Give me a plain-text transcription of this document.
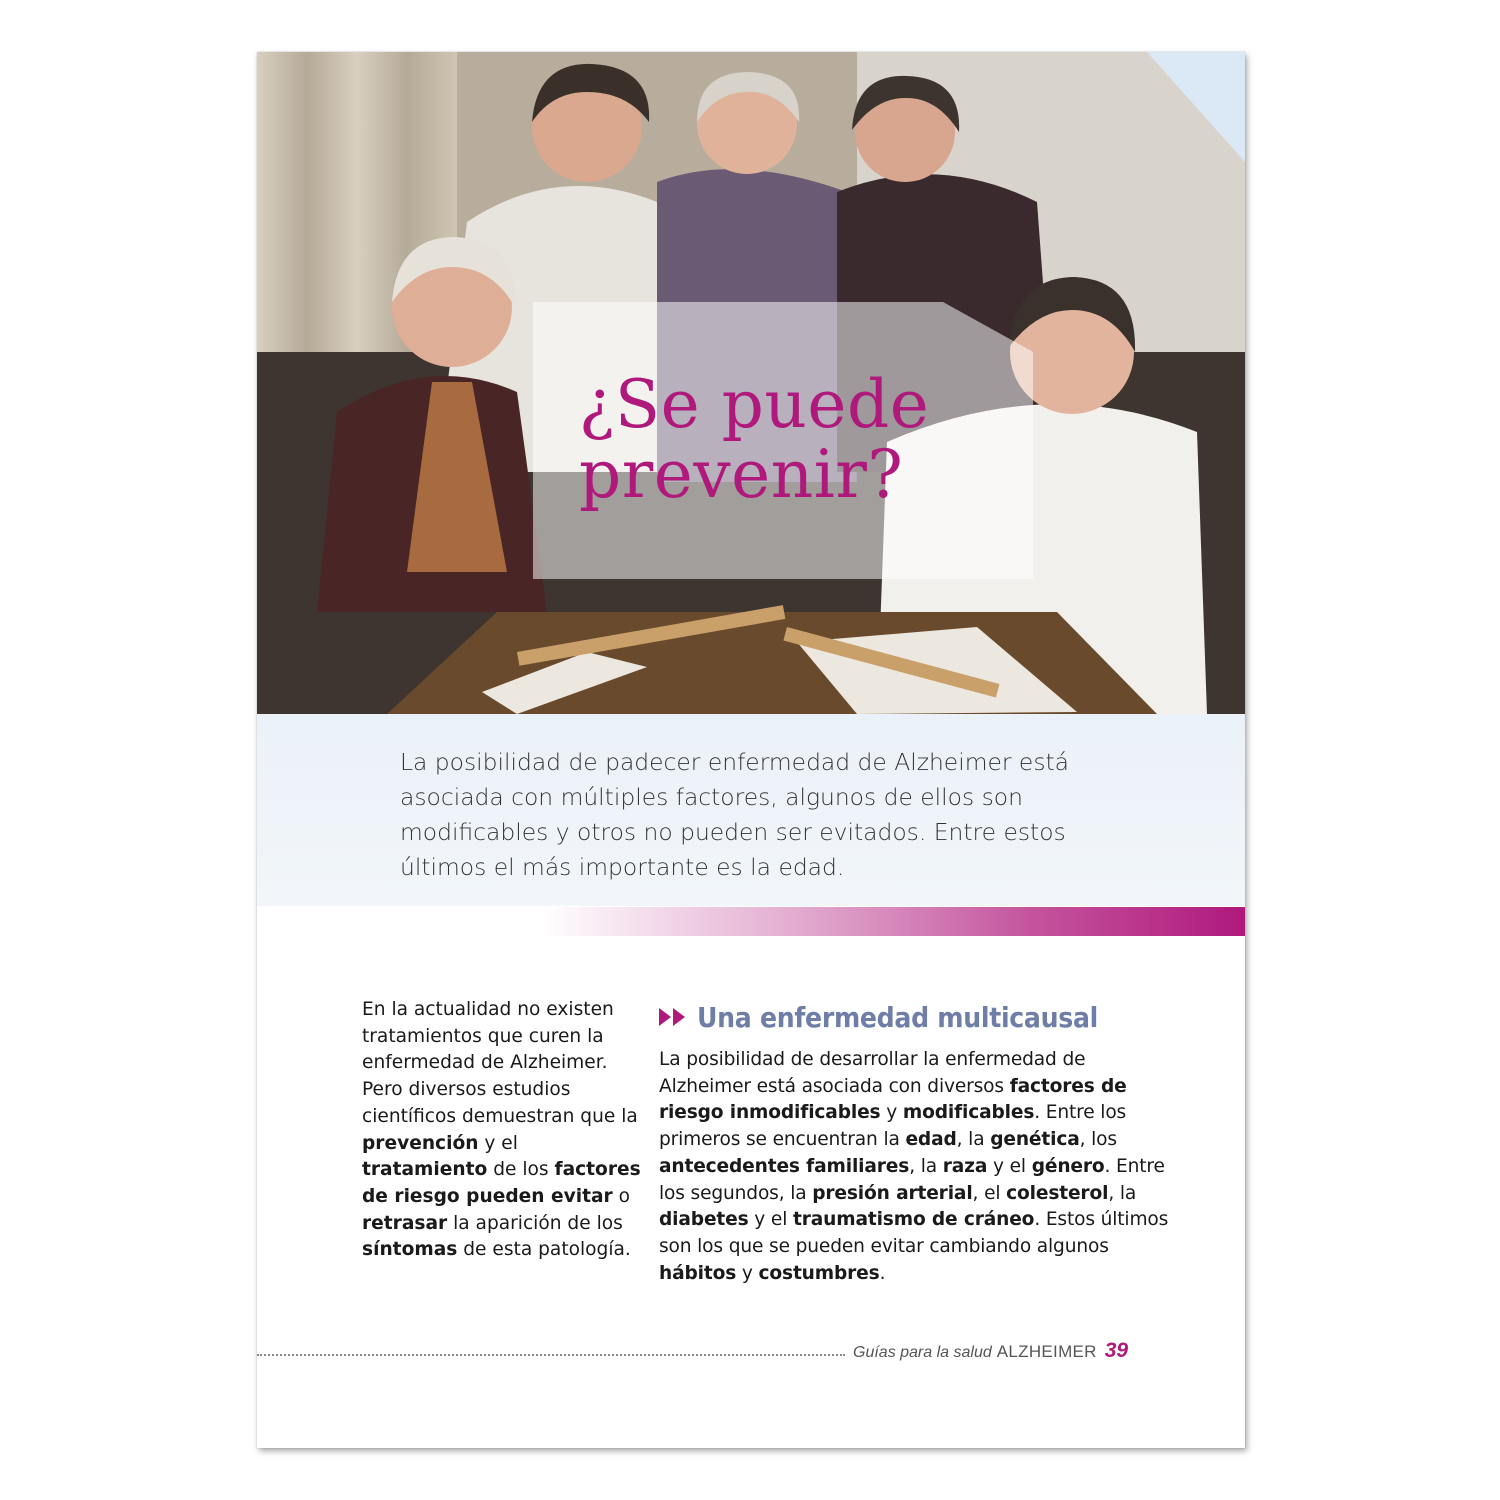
¿Se puede
prevenir?
La posibilidad de padecer enfermedad de Alzheimer está asociada con múltiples factores, algunos de ellos son modificables y otros no pueden ser evitados. Entre estos últimos el más importante es la edad.

En la actualidad no existen tratamientos que curen la enfermedad de Alzheimer. Pero diversos estudios científicos demuestran que la prevención y el tratamiento de los factores de riesgo pueden evitar o retrasar la aparición de los síntomas de esta patología.

Una enfermedad multicausal

La posibilidad de desarrollar la enfermedad de Alzheimer está asociada con diversos factores de riesgo inmodificables y modificables. Entre los primeros se encuentran la edad, la genética, los antecedentes familiares, la raza y el género. Entre los segundos, la presión arterial, el colesterol, la diabetes y el traumatismo de cráneo. Estos últimos son los que se pueden evitar cambiando algunos hábitos y costumbres.

Guías para la salud ALZHEIMER 39
